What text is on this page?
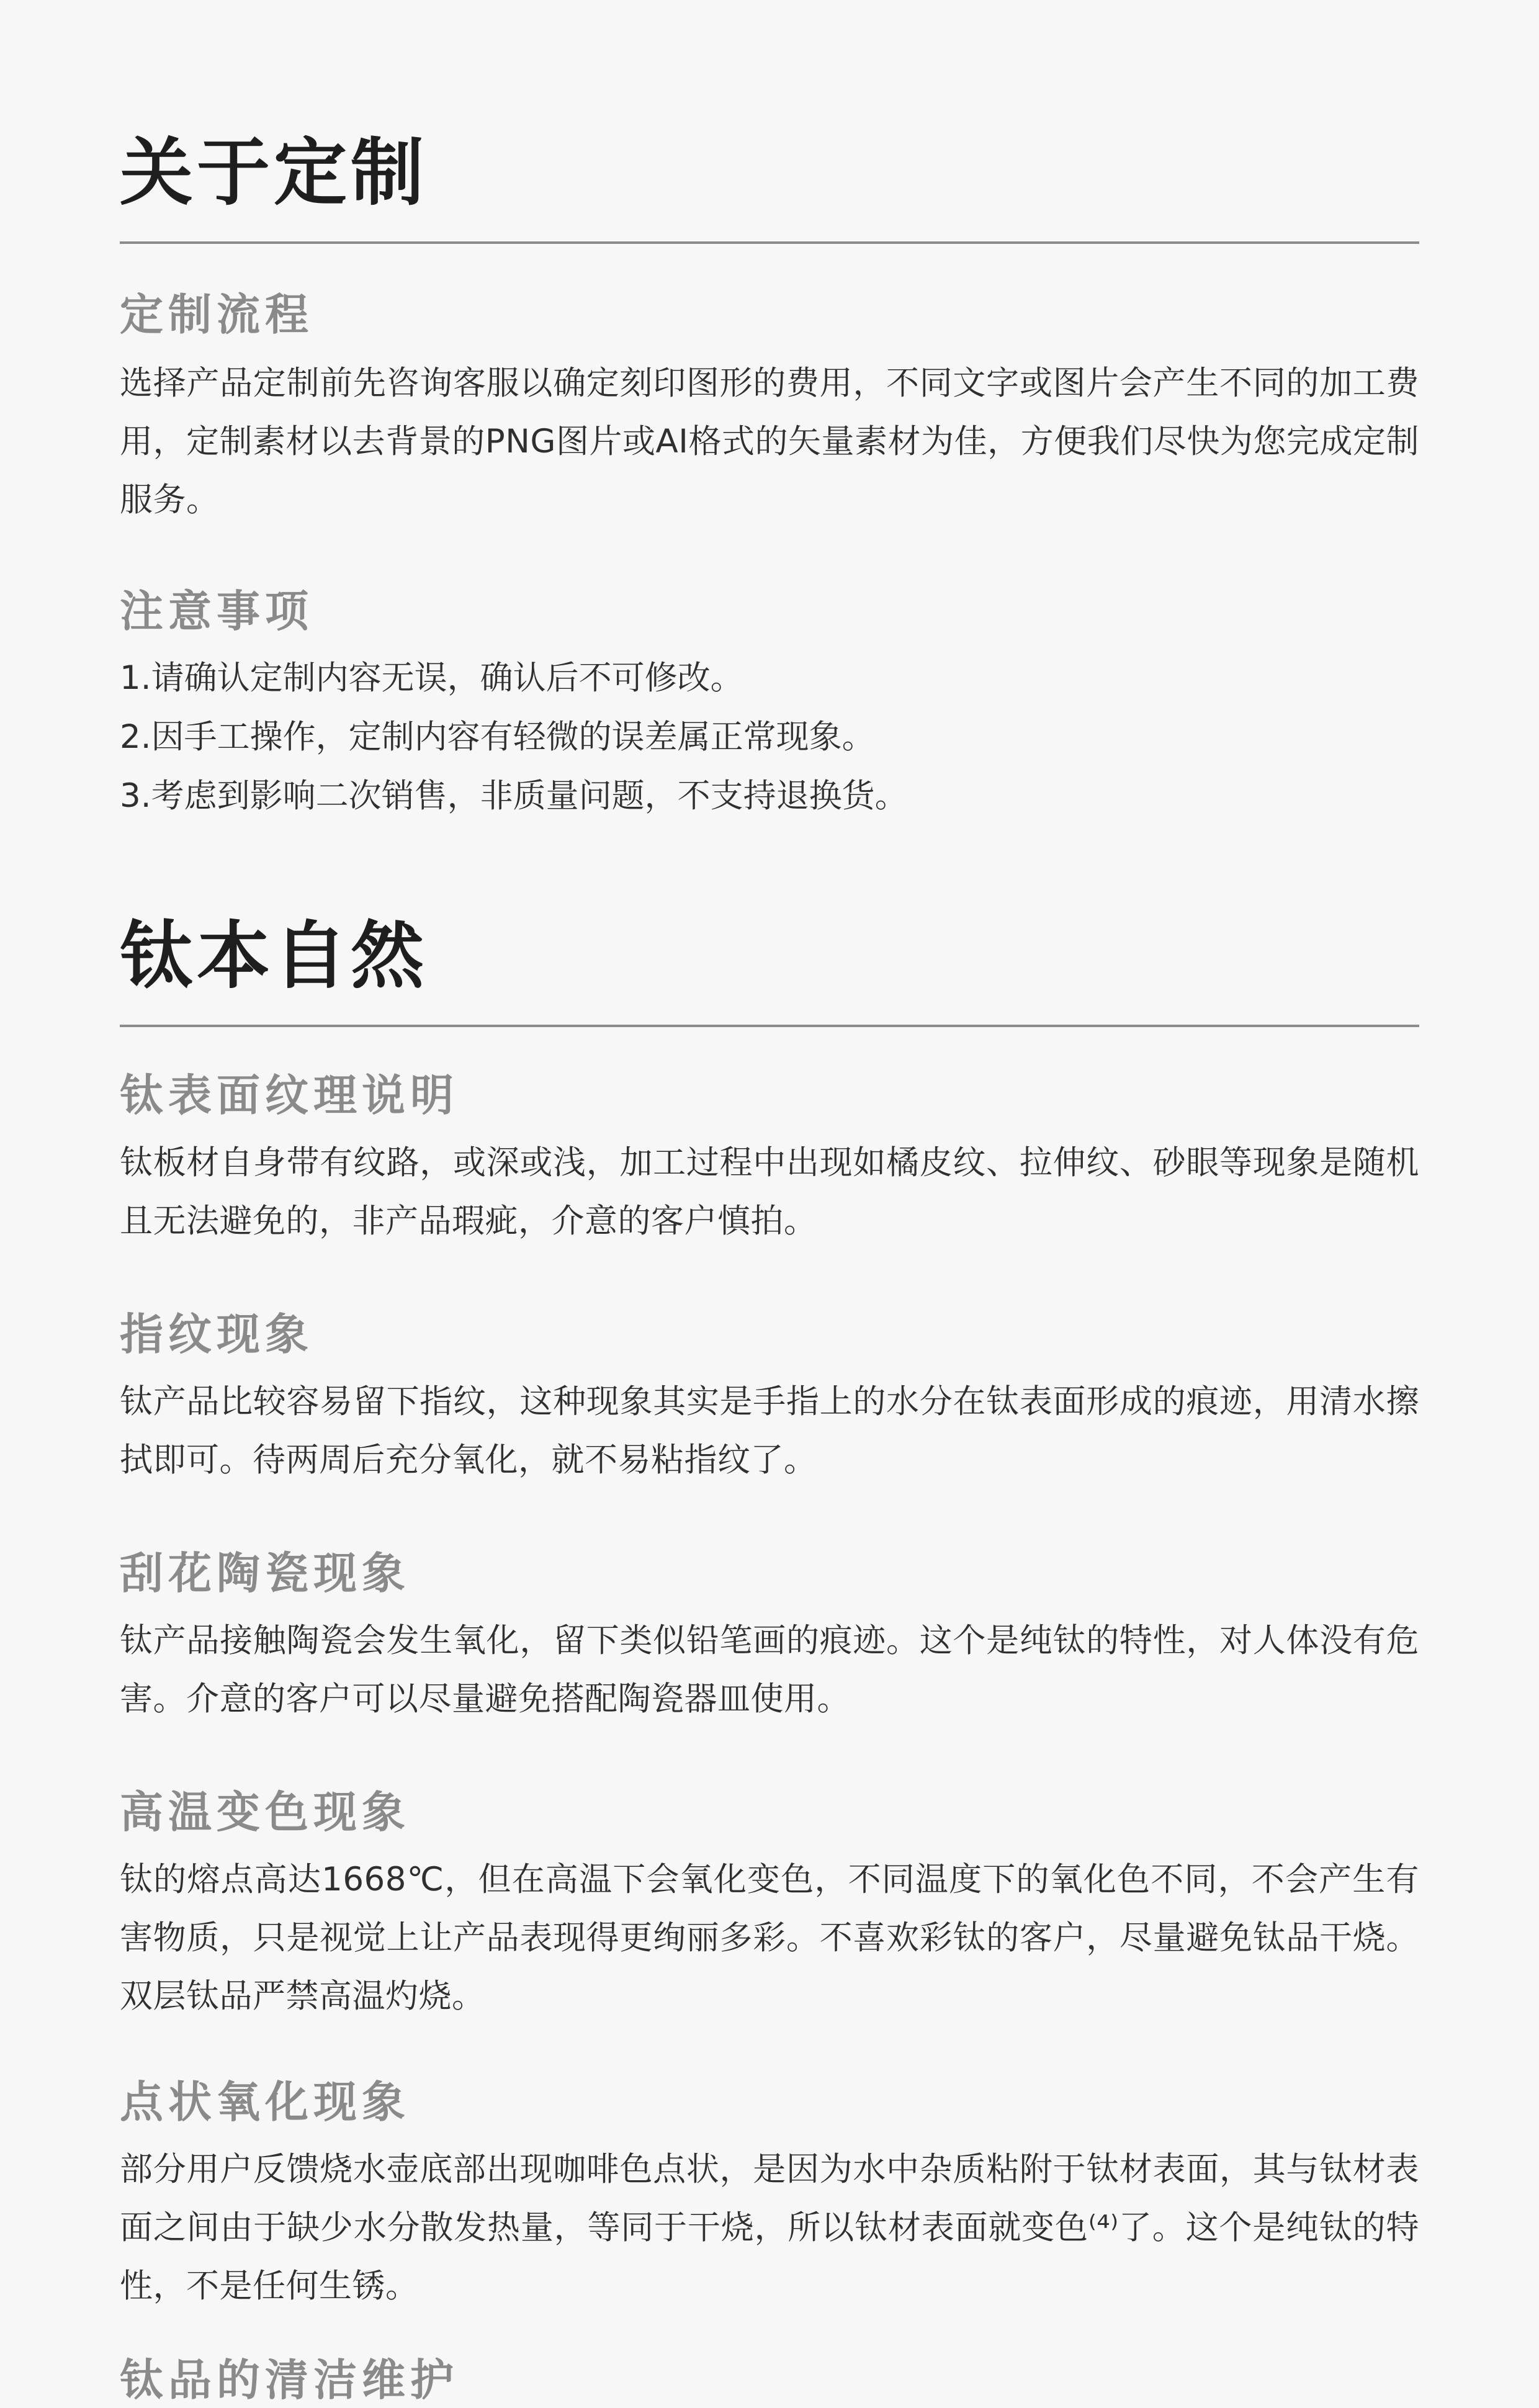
关于定制
定制流程

选择产品定制前先咨询客服以确定刻印图形的费用，不同文字或图片会产生不同的加工费用，定制素材以去背景的PNG图片或AI格式的矢量素材为佳，方便我们尽快为您完成定制服务。

注意事项

1.请确认定制内容无误，确认后不可修改。

2.因手工操作，定制内容有轻微的误差属正常现象。

3.考虑到影响二次销售，非质量问题，不支持退换货。

钛本自然
钛表面纹理说明

钛板材自身带有纹路，或深或浅，加工过程中出现如橘皮纹、拉伸纹、砂眼等现象是随机且无法避免的，非产品瑕疵，介意的客户慎拍。

指纹现象

钛产品比较容易留下指纹，这种现象其实是手指上的水分在钛表面形成的痕迹，用清水擦拭即可。待两周后充分氧化，就不易粘指纹了。

刮花陶瓷现象

钛产品接触陶瓷会发生氧化，留下类似铅笔画的痕迹。这个是纯钛的特性，对人体没有危害。介意的客户可以尽量避免搭配陶瓷器皿使用。

高温变色现象

钛的熔点高达1668℃，但在高温下会氧化变色，不同温度下的氧化色不同，不会产生有害物质，只是视觉上让产品表现得更绚丽多彩。不喜欢彩钛的客户，尽量避免钛品干烧。双层钛品严禁高温灼烧。

点状氧化现象

部分用户反馈烧水壶底部出现咖啡色点状，是因为水中杂质粘附于钛材表面，其与钛材表面之间由于缺少水分散发热量，等同于干烧，所以钛材表面就变色⁽⁴⁾了。这个是纯钛的特性，不是任何生锈。

钛品的清洁维护
